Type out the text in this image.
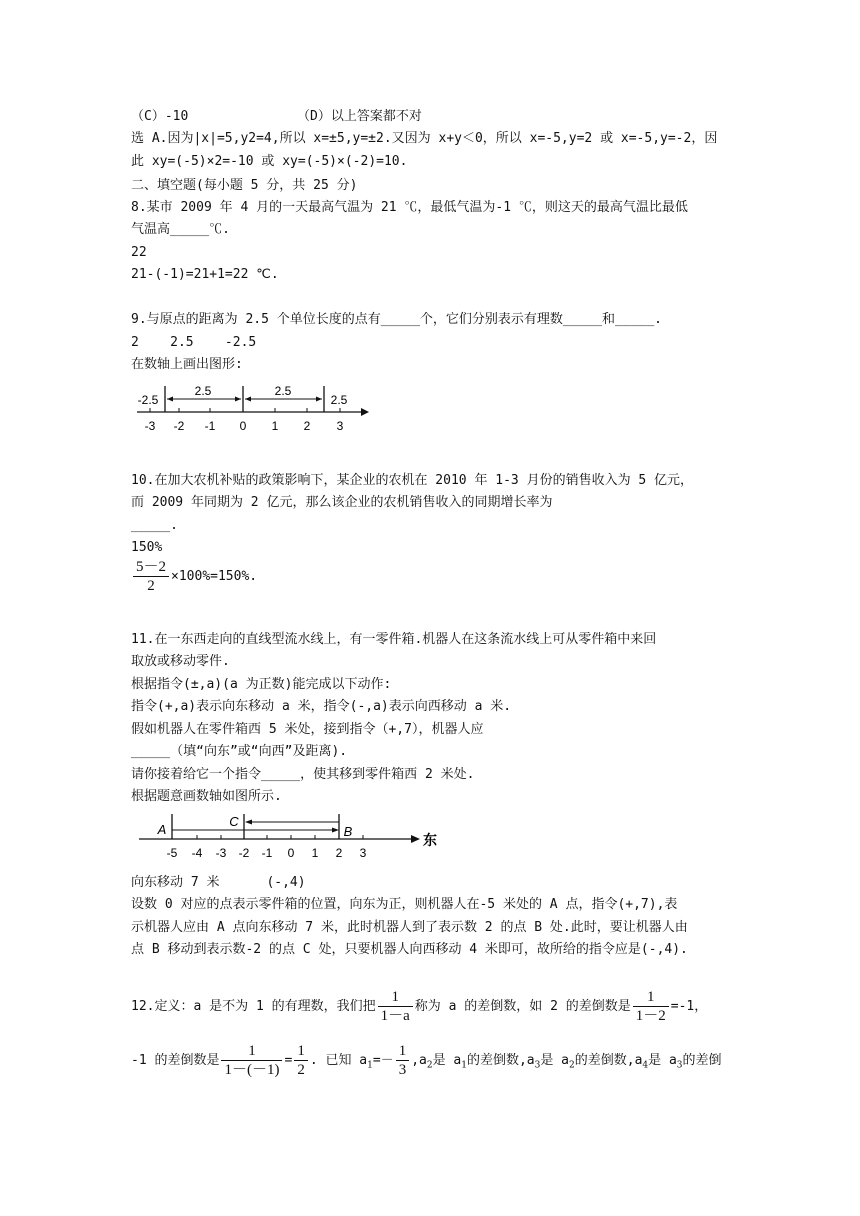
（C）-10	（D）以上答案都不对
选 A.因为|x|=5,y2=4,所以 x=±5,y=±2.又因为 x+y＜0，所以 x=-5,y=2 或 x=-5,y=-2，因
此 xy=(-5)×2=-10 或 xy=(-5)×(-2)=10.
二、填空题(每小题 5 分，共 25 分)
8.某市 2009 年 4 月的一天最高气温为 21 ℃，最低气温为-1 ℃，则这天的最高气温比最低
气温高_____℃.
22
21-(-1)=21+1=22 ℃.
9.与原点的距离为 2.5 个单位长度的点有_____个，它们分别表示有理数_____和_____.
2    2.5    -2.5
在数轴上画出图形:
-2.5
2.5	2.5
2.5
-3 -2 -1 0 1 2 3
10.在加大农机补贴的政策影响下，某企业的农机在 2010 年 1-3 月份的销售收入为 5 亿元，
而 2009 年同期为 2 亿元，那么该企业的农机销售收入的同期增长率为
_____.
150%
$\frac{5-2}{2} \times 100\%=150\%$.
11.在一东西走向的直线型流水线上，有一零件箱.机器人在这条流水线上可从零件箱中来回
取放或移动零件.
根据指令(±,a)(a 为正数)能完成以下动作:
指令(+,a)表示向东移动 a 米，指令(-,a)表示向西移动 a 米.
假如机器人在零件箱西 5 米处，接到指令（+,7），机器人应
_____（填“向东”或“向西”及距离).
请你接着给它一个指令_____，使其移到零件箱西 2 米处.
根据题意画数轴如图所示.
A
C
B
东
-5 -4 -3 -2 -1 0 1 2 3
向东移动 7 米      (-,4)
设数 0 对应的点表示零件箱的位置，向东为正，则机器人在-5 米处的 A 点，指令(+,7),表
示机器人应由 A 点向东移动 7 米，此时机器人到了表示数 2 的点 B 处.此时，要让机器人由
点 B 移动到表示数-2 的点 C 处，只要机器人向西移动 4 米即可，故所给的指令应是(-,4).
12.定义：a 是不为 1 的有理数，我们把 $\frac{1}{1-a}$ 称为 a 的差倒数，如 2 的差倒数是 $\frac{1}{1-2} =-1$，
-1 的差倒数是 $\frac{1}{1-(-1)} = \frac{1}{2}$ . 已知 $a_1=- \frac{1}{3} ,a_2$是 $a_1$的差倒数$,a_3$是 $a_2$的差倒数$,a_4$是 $a_3$的差倒
